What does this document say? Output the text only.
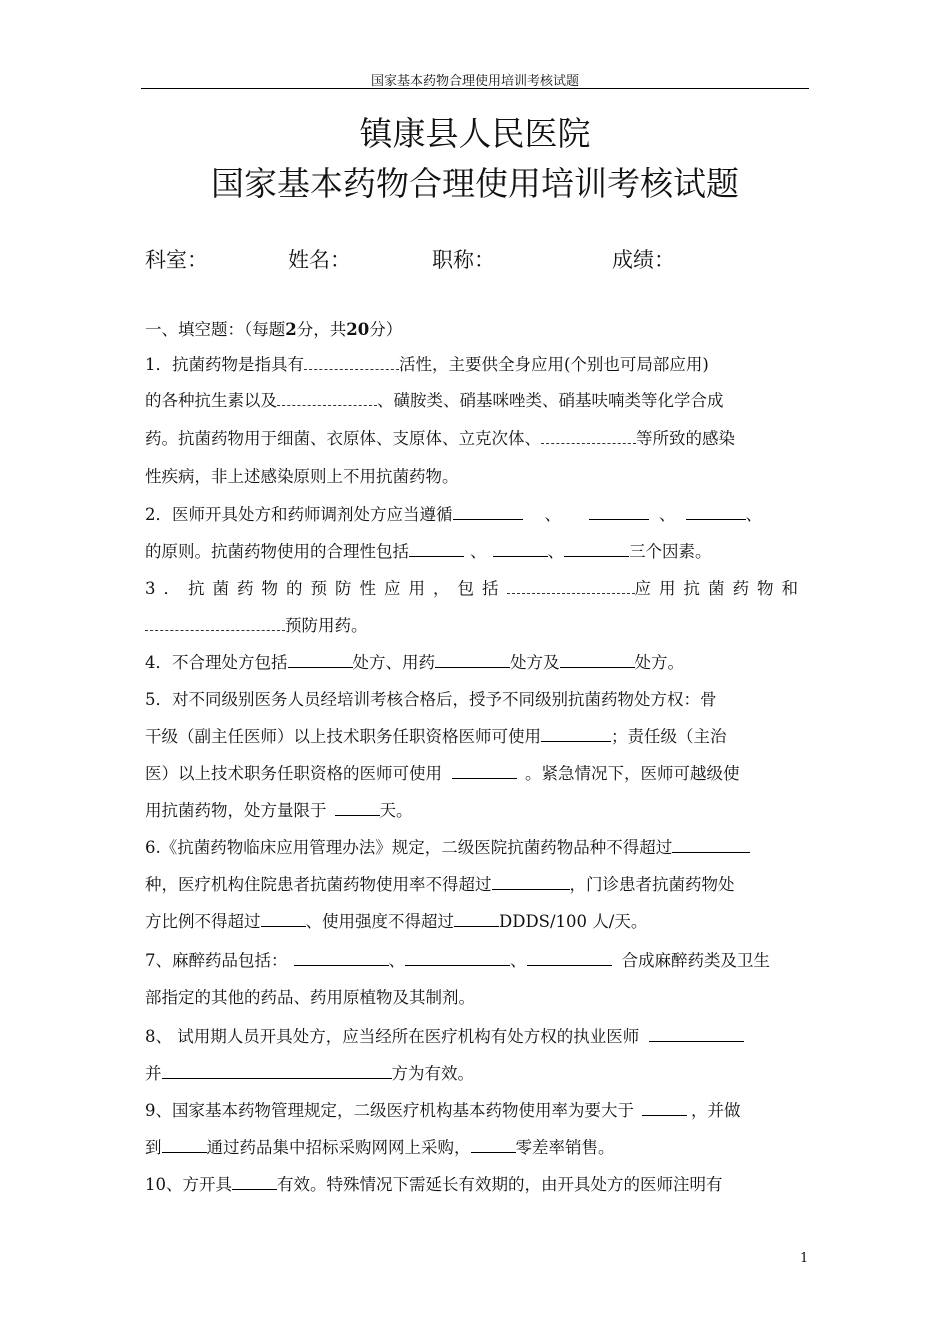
国家基本药物合理使用培训考核试题
镇康县人民医院
国家基本药物合理使用培训考核试题
科室：	姓名：	职称：	成绩：
一、填空题：（每题2分，共20分）
1．抗菌药物是指具有	活性，主要供全身应用(个别也可局部应用)
的各种抗生素以及	、磺胺类、硝基咪唑类、硝基呋喃类等化学合成
药。抗菌药物用于细菌、衣原体、支原体、立克次体、	等所致的感染
性疾病，非上述感染原则上不用抗菌药物。
2．医师开具处方和药师调剂处方应当遵循	、	、	、
的原则。抗菌药物使用的合理性包括	、	、	三个因素。
3．抗菌药物的预防性应用，包括	应用抗菌药物和
预防用药。
4．不合理处方包括	处方、用药	处方及	处方。
5．对不同级别医务人员经培训考核合格后，授予不同级别抗菌药物处方权：骨
干级（副主任医师）以上技术职务任职资格医师可使用	；责任级（主治
医）以上技术职务任职资格的医师可使用	。紧急情况下，医师可越级使
用抗菌药物，处方量限于	天。
6.《抗菌药物临床应用管理办法》规定，二级医院抗菌药物品种不得超过
种，医疗机构住院患者抗菌药物使用率不得超过	，门诊患者抗菌药物处
方比例不得超过	、使用强度不得超过	DDDS/100 人/天。
7、麻醉药品包括：	、	、	合成麻醉药类及卫生
部指定的其他的药品、药用原植物及其制剂。
8、 试用期人员开具处方，应当经所在医疗机构有处方权的执业医师
并	方为有效。
9、国家基本药物管理规定，二级医疗机构基本药物使用率为要大于	，并做
到	通过药品集中招标采购网网上采购，	零差率销售。
10、方开具	有效。特殊情况下需延长有效期的，由开具处方的医师注明有
1
